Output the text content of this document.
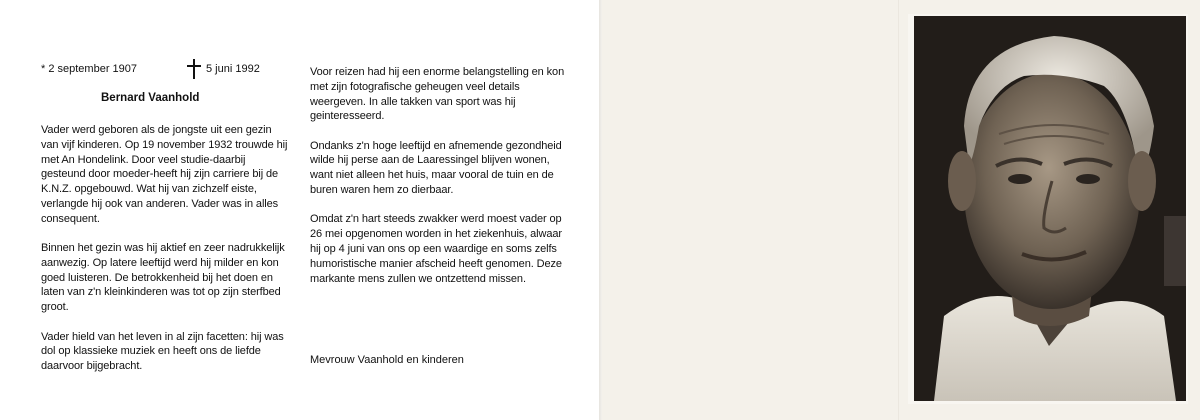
* 2 september 1907	5 juni 1992
Bernard Vaanhold

Vader werd geboren als de jongste uit een gezin van vijf kinderen. Op 19 november 1932 trouwde hij met An Hondelink. Door veel studie-daarbij gesteund door moeder-heeft hij zijn carriere bij de K.N.Z. opgebouwd. Wat hij van zichzelf eiste, verlangde hij ook van anderen. Vader was in alles consequent.

Binnen het gezin was hij aktief en zeer nadrukkelijk aanwezig. Op latere leeftijd werd hij milder en kon goed luisteren. De betrokkenheid bij het doen en laten van z'n kleinkinderen was tot op zijn sterfbed groot.

Vader hield van het leven in al zijn facetten: hij was dol op klassieke muziek en heeft ons de liefde daarvoor bijgebracht.

Voor reizen had hij een enorme belangstelling en kon met zijn fotografische geheugen veel details weergeven. In alle takken van sport was hij geinteresseerd.

Ondanks z'n hoge leeftijd en afnemende gezondheid wilde hij perse aan de Laaressingel blijven wonen, want niet alleen het huis, maar vooral de tuin en de buren waren hem zo dierbaar.

Omdat z'n hart steeds zwakker werd moest vader op 26 mei opgenomen worden in het ziekenhuis, alwaar hij op 4 juni van ons op een waardige en soms zelfs humoristische manier afscheid heeft genomen. Deze markante mens zullen we ontzettend missen.

Mevrouw Vaanhold en kinderen
